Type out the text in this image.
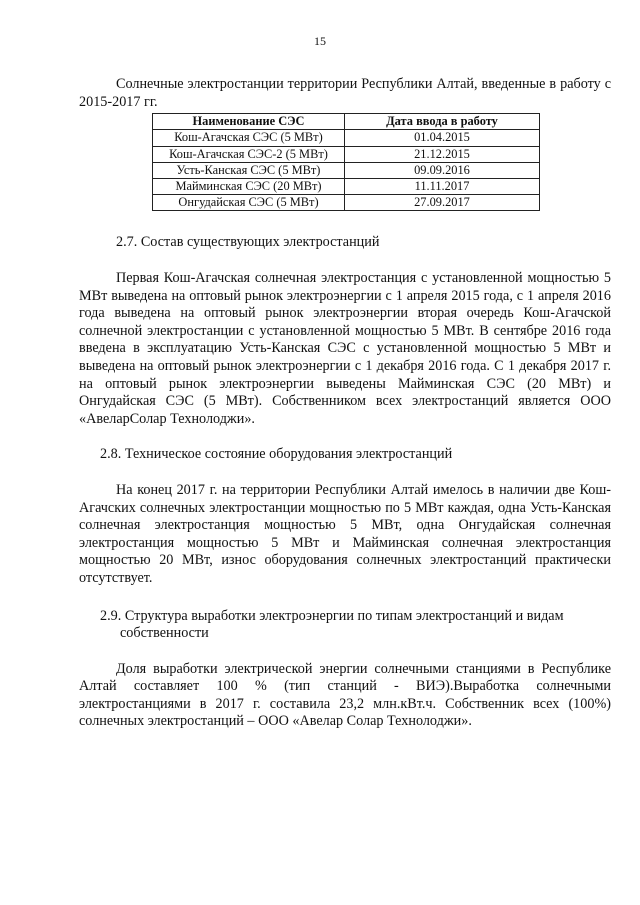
15

Солнечные электростанции территории Республики Алтай, введенные в работу с 2015-2017 гг.

Наименование СЭС	Дата ввода в работу
Кош-Агачская СЭС (5 МВт)	01.04.2015
Кош-Агачская СЭС-2 (5 МВт)	21.12.2015
Усть-Канская СЭС (5 МВт)	09.09.2016
Майминская СЭС (20 МВт)	11.11.2017
Онгудайская СЭС (5 МВт)	27.09.2017

2.7. Состав существующих электростанций

Первая Кош-Агачская солнечная электростанция с установленной мощностью 5 МВт выведена на оптовый рынок электроэнергии с 1 апреля 2015 года, с 1 апреля 2016 года выведена на оптовый рынок электроэнергии вторая очередь Кош-Агачской солнечной электростанции с установленной мощностью 5 МВт. В сентябре 2016 года введена в эксплуатацию Усть-Канская СЭС с установленной мощностью 5 МВт и выведена на оптовый рынок электроэнергии с 1 декабря 2016 года. С 1 декабря 2017 г. на оптовый рынок электроэнергии выведены Майминская СЭС (20 МВт) и Онгудайская СЭС (5 МВт). Собственником всех электростанций является ООО «АвеларСолар Технолоджи».

2.8. Техническое состояние оборудования электростанций

На конец 2017 г. на территории Республики Алтай имелось в наличии две Кош-Агачских солнечных электростанции мощностью по 5 МВт каждая, одна Усть-Канская солнечная электростанция мощностью 5 МВт, одна Онгудайская солнечная электростанция мощностью 5 МВт и Майминская солнечная электростанция мощностью 20 МВт, износ оборудования солнечных электростанций практически отсутствует.

2.9. Структура выработки электроэнергии по типам электростанций и видам
собственности

Доля выработки электрической энергии солнечными станциями в Республике Алтай составляет 100 % (тип станций - ВИЭ).Выработка солнечными электростанциями в 2017 г. составила 23,2 млн.кВт.ч. Собственник всех (100%) солнечных электростанций – ООО «Авелар Солар Технолоджи».
